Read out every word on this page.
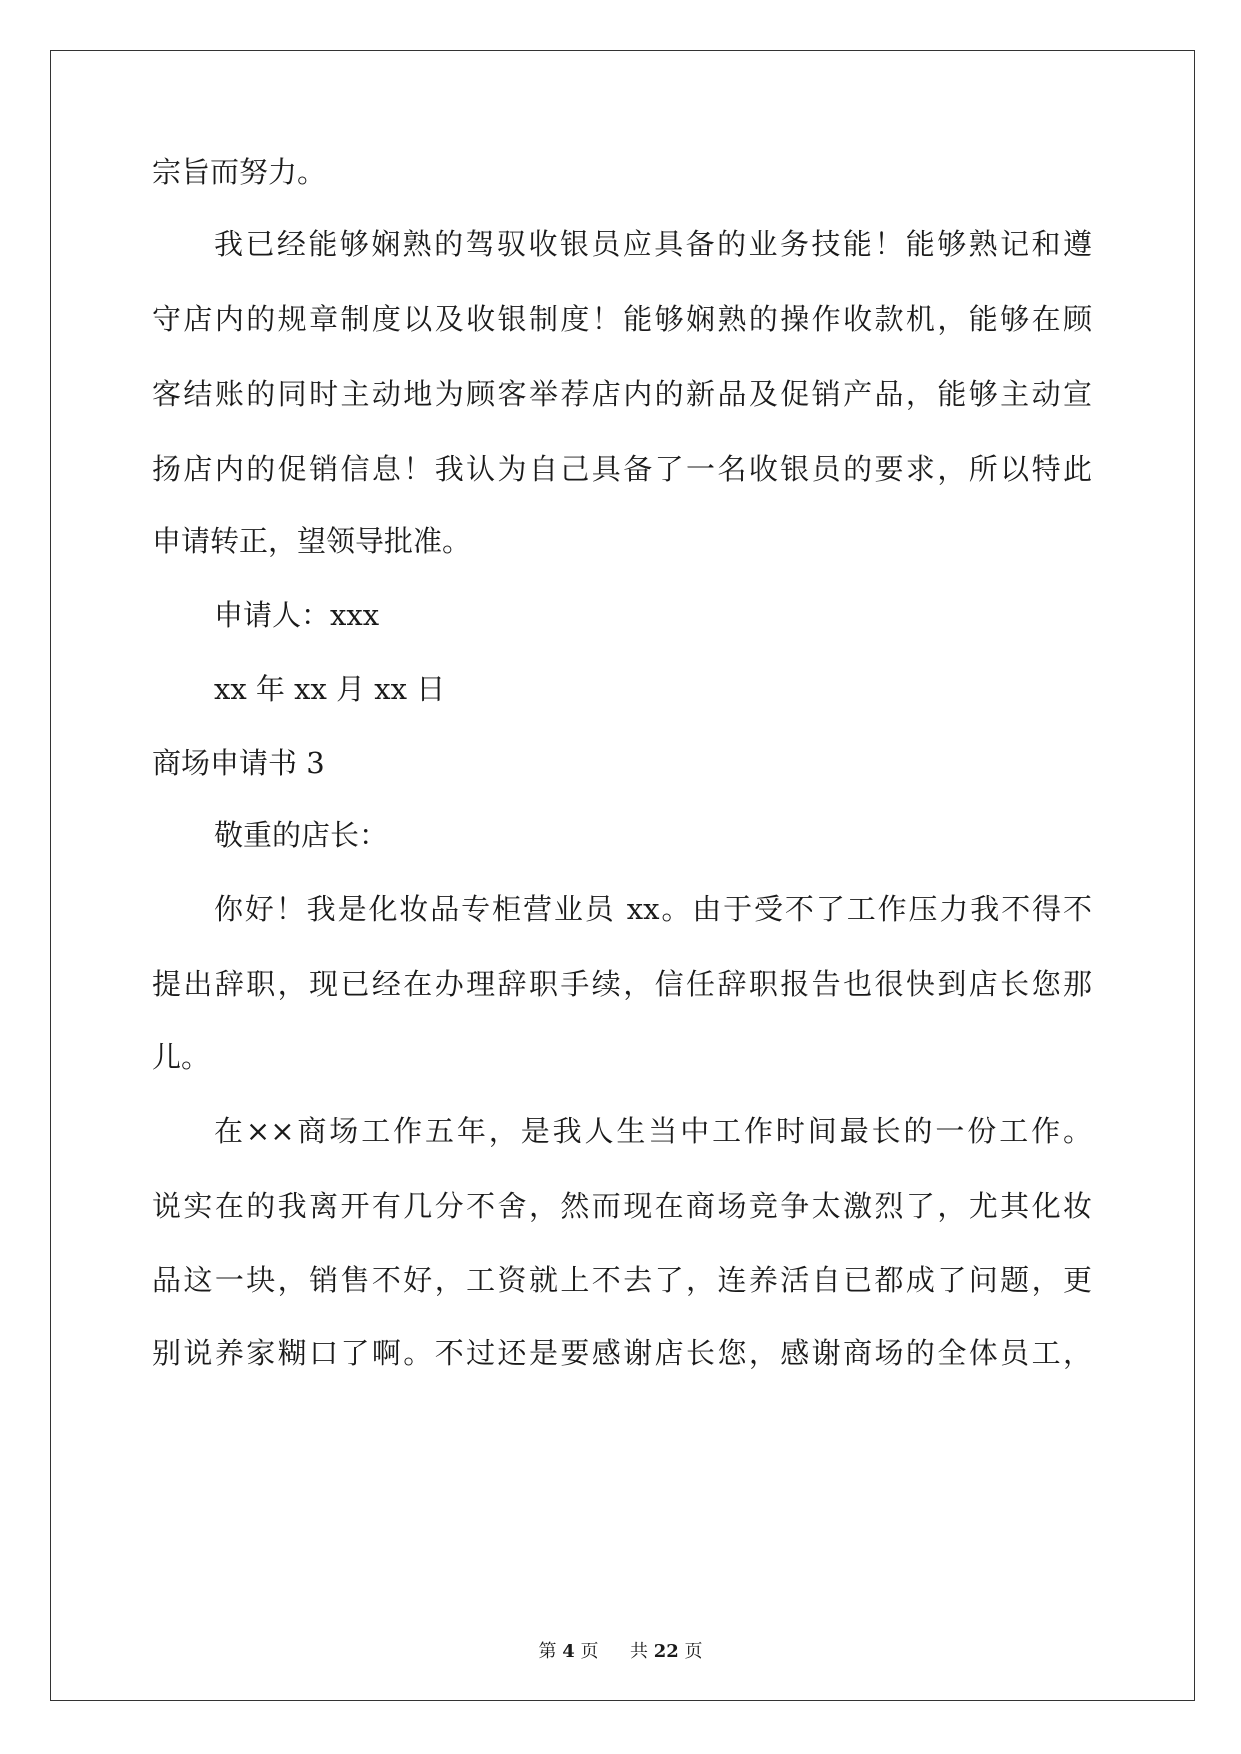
宗旨而努力。
我已经能够娴熟的驾驭收银员应具备的业务技能！能够熟记和遵
守店内的规章制度以及收银制度！能够娴熟的操作收款机，能够在顾
客结账的同时主动地为顾客举荐店内的新品及促销产品，能够主动宣
扬店内的促销信息！我认为自己具备了一名收银员的要求，所以特此
申请转正，望领导批准。
申请人：xxx
xx 年 xx 月 xx 日
商场申请书 3
敬重的店长：
你好！我是化妆品专柜营业员 xx。由于受不了工作压力我不得不
提出辞职，现已经在办理辞职手续，信任辞职报告也很快到店长您那
儿。
在××商场工作五年，是我人生当中工作时间最长的一份工作。
说实在的我离开有几分不舍，然而现在商场竞争太激烈了，尤其化妆
品这一块，销售不好，工资就上不去了，连养活自已都成了问题，更
别说养家糊口了啊。不过还是要感谢店长您，感谢商场的全体员工，
第 4 页 共 22 页
